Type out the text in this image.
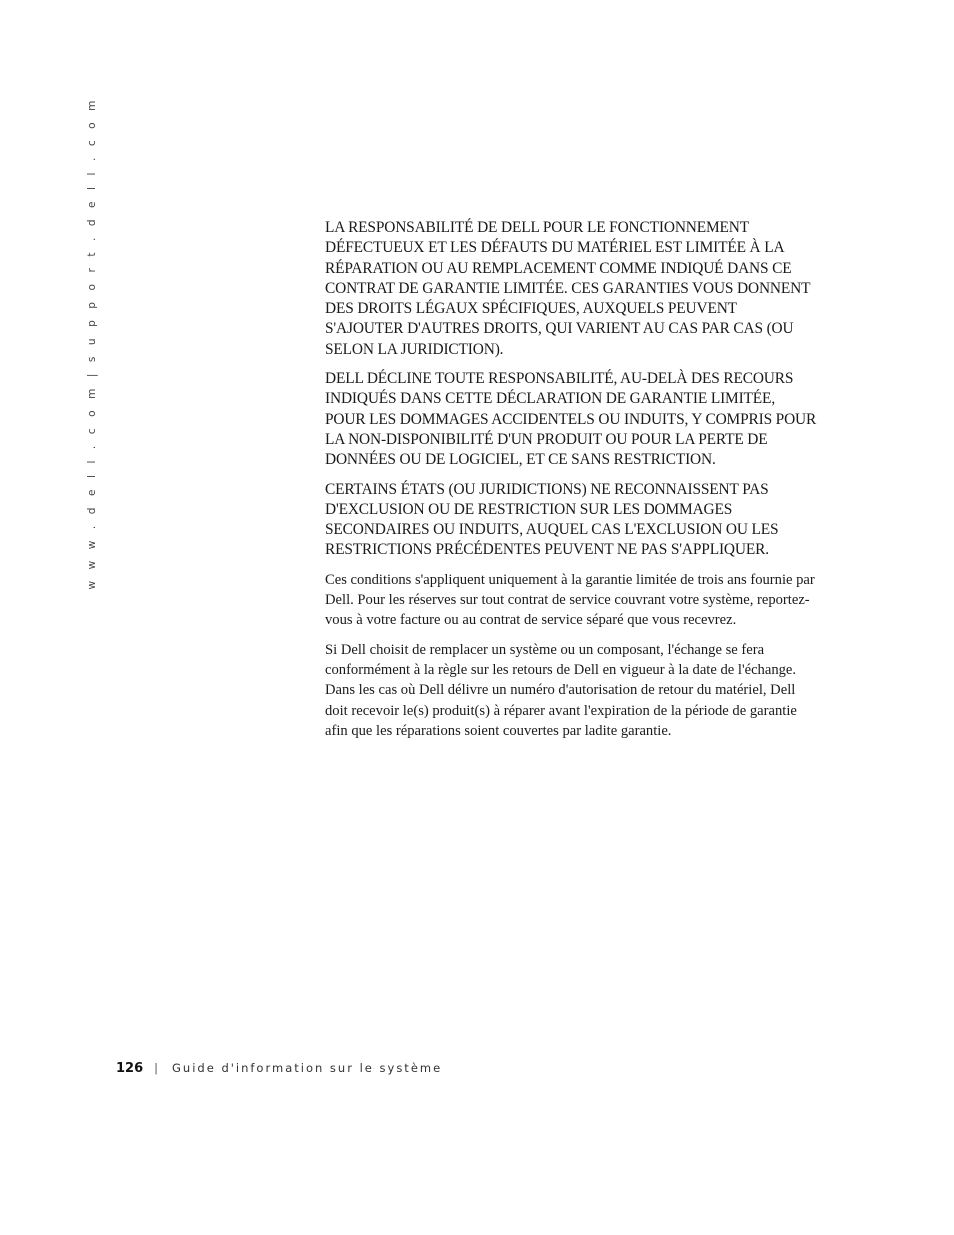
w w w . d e l l . c o m | s u p p o r t . d e l l . c o m	LA RESPONSABILITÉ DE DELL POUR LE FONCTIONNEMENT DÉFECTUEUX ET LES DÉFAUTS DU MATÉRIEL EST LIMITÉE À LA RÉPARATION OU AU REMPLACEMENT COMME INDIQUÉ DANS CE CONTRAT DE GARANTIE LIMITÉE. CES GARANTIES VOUS DONNENT DES DROITS LÉGAUX SPÉCIFIQUES, AUXQUELS PEUVENT S'AJOUTER D'AUTRES DROITS, QUI VARIENT AU CAS PAR CAS (OU SELON LA JURIDICTION).

DELL DÉCLINE TOUTE RESPONSABILITÉ, AU-DELÀ DES RECOURS INDIQUÉS DANS CETTE DÉCLARATION DE GARANTIE LIMITÉE, POUR LES DOMMAGES ACCIDENTELS OU INDUITS, Y COMPRIS POUR LA NON-DISPONIBILITÉ D'UN PRODUIT OU POUR LA PERTE DE DONNÉES OU DE LOGICIEL, ET CE SANS RESTRICTION.

CERTAINS ÉTATS (OU JURIDICTIONS) NE RECONNAISSENT PAS D'EXCLUSION OU DE RESTRICTION SUR LES DOMMAGES SECONDAIRES OU INDUITS, AUQUEL CAS L'EXCLUSION OU LES RESTRICTIONS PRÉCÉDENTES PEUVENT NE PAS S'APPLIQUER.

Ces conditions s'appliquent uniquement à la garantie limitée de trois ans fournie par Dell. Pour les réserves sur tout contrat de service couvrant votre système, reportez-vous à votre facture ou au contrat de service séparé que vous recevrez.

Si Dell choisit de remplacer un système ou un composant, l'échange se fera conformément à la règle sur les retours de Dell en vigueur à la date de l'échange. Dans les cas où Dell délivre un numéro d'autorisation de retour du matériel, Dell doit recevoir le(s) produit(s) à réparer avant l'expiration de la période de garantie afin que les réparations soient couvertes par ladite garantie.

126 | Guide d'information sur le système
